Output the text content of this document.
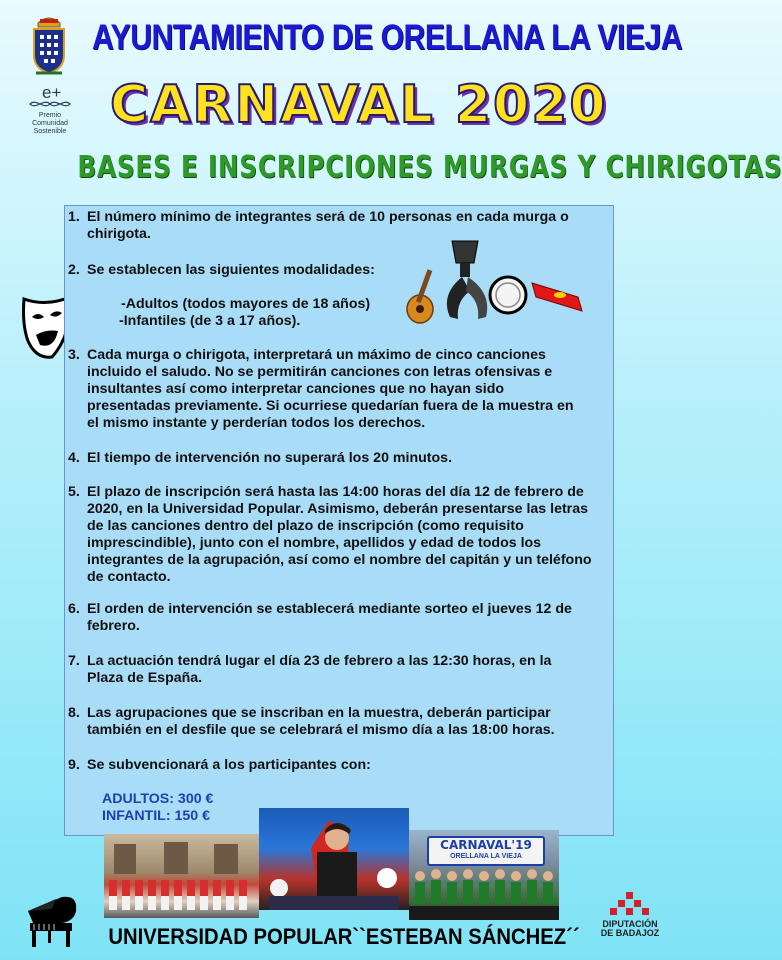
e+
Premio
Comunidad
Sostenible
AYUNTAMIENTO DE ORELLANA LA VIEJA
CARNAVAL 2020
BASES E INSCRIPCIONES MURGAS Y CHIRIGOTAS
1. El número mínimo de integrantes será de 10 personas en cada murga o chirigota.
2. Se establecen las siguientes modalidades:
-Adultos (todos mayores de 18 años)
-Infantiles (de 3 a 17 años).
3. Cada murga o chirigota, interpretará un máximo de cinco canciones incluido el saludo. No se permitirán canciones con letras ofensivas e insultantes así como interpretar canciones que no hayan sido presentadas previamente. Si ocurriese quedarían fuera de la muestra en el mismo instante y perderían todos los derechos.
4. El tiempo de intervención no superará los 20 minutos.
5. El plazo de inscripción será hasta las 14:00 horas del día 12 de febrero de 2020, en la Universidad Popular. Asimismo, deberán presentarse las letras de las canciones dentro del plazo de inscripción (como requisito imprescindible), junto con el nombre, apellidos y edad de todos los integrantes de la agrupación, así como el nombre del capitán y un teléfono de contacto.
6. El orden de intervención se establecerá mediante sorteo el jueves 12 de febrero.
7. La actuación tendrá lugar el día 23 de febrero a las 12:30 horas, en la Plaza de España.
8. Las agrupaciones que se inscriban en la muestra, deberán participar también en el desfile que se celebrará el mismo día a las 18:00 horas.
9. Se subvencionará a los participantes con:
ADULTOS: 300 €
INFANTIL: 150 €
CARNAVAL'19
ORELLANA LA VIEJA
UNIVERSIDAD POPULAR``ESTEBAN SÁNCHEZ´´	DIPUTACIÓN
DE BADAJOZ
